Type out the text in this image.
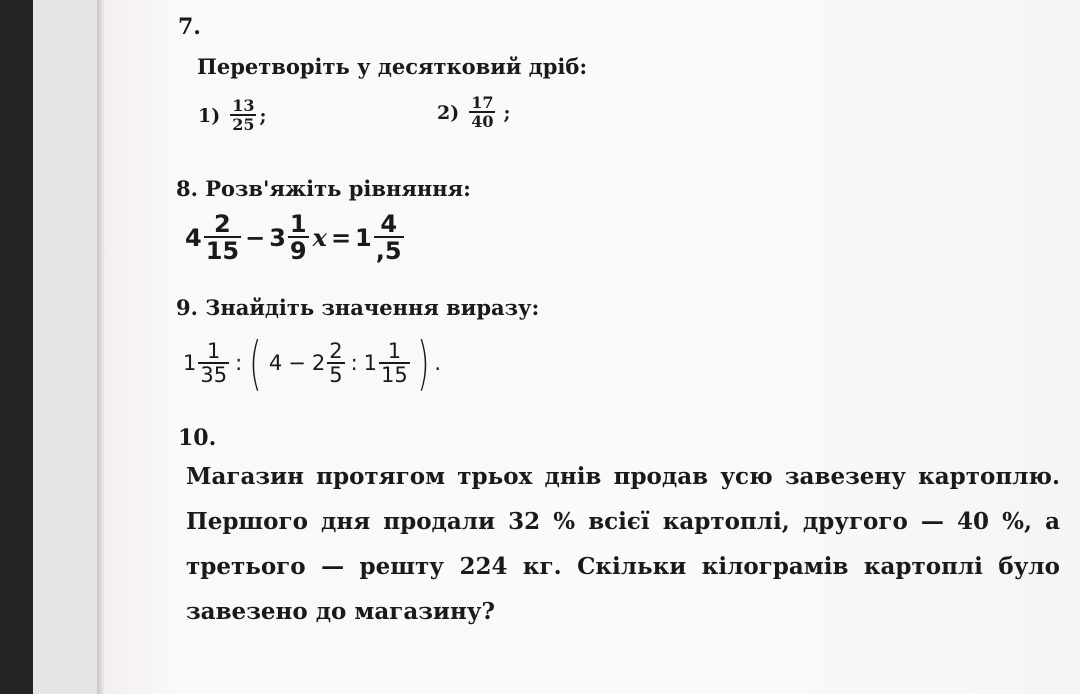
7.
Перетворіть у десятковий дріб:
$1) \frac{13}{25}$ ;	$2) \frac{17}{40}$ ;
8. Розв'яжіть рівняння:
$4 \frac{2}{15} - 3 \frac{1}{9}$ $x = 1 \frac{4}{,5}$
9. Знайдіть значення виразу:
$1 \frac{1}{35}$ : ( $4 - 2 \frac{2}{5}$ : $1 \frac{1}{15}$ ) .
10.
Магазин протягом трьох днів продав усю завезену картоплю. Першого дня продали 32 % всієї картоплі, другого — 40 %, а третього — решту 224 кг. Скільки кілограмів картоплі було завезено до магазину?
